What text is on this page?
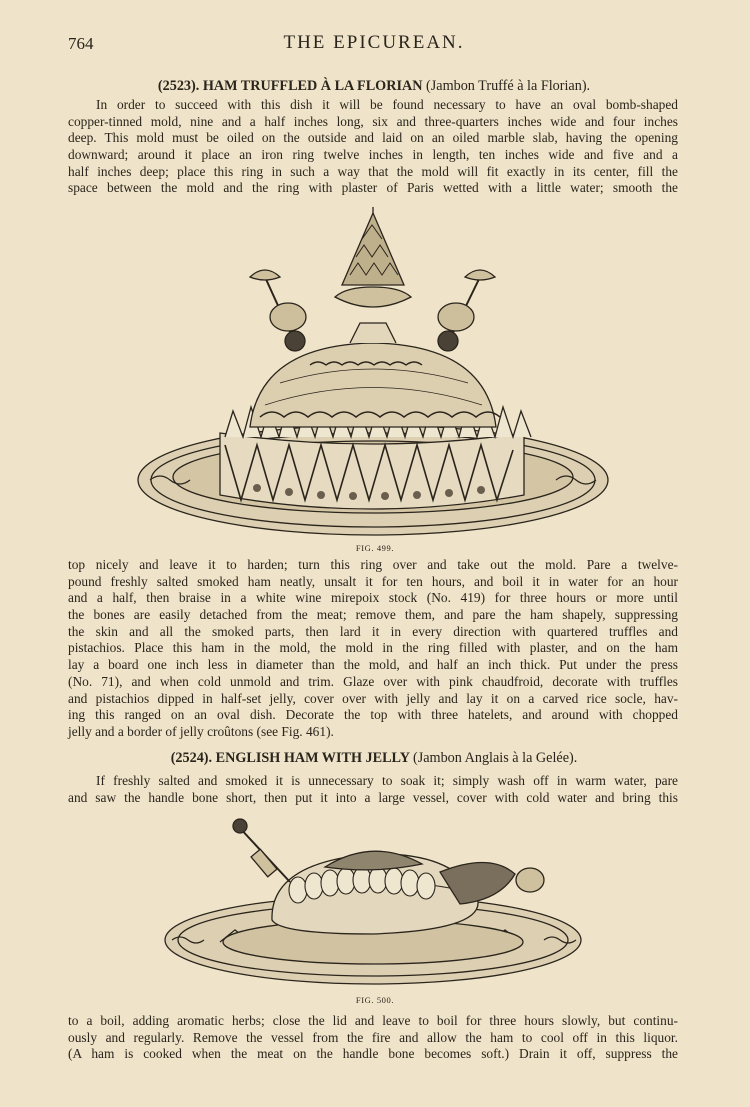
764	THE EPICUREAN.
(2523). HAM TRUFFLED À LA FLORIAN (Jambon Truffé à la Florian).
In order to succeed with this dish it will be found necessary to have an oval bomb-shaped
copper-tinned mold, nine and a half inches long, six and three-quarters inches wide and four inches
deep. This mold must be oiled on the outside and laid on an oiled marble slab, having the opening
downward; around it place an iron ring twelve inches in length, ten inches wide and five and a
half inches deep; place this ring in such a way that the mold will fit exactly in its center, fill the
space between the mold and the ring with plaster of Paris wetted with a little water; smooth the
FIG. 499.
top nicely and leave it to harden; turn this ring over and take out the mold. Pare a twelve-
pound freshly salted smoked ham neatly, unsalt it for ten hours, and boil it in water for an hour
and a half, then braise in a white wine mirepoix stock (No. 419) for three hours or more until
the bones are easily detached from the meat; remove them, and pare the ham shapely, suppressing
the skin and all the smoked parts, then lard it in every direction with quartered truffles and
pistachios. Place this ham in the mold, the mold in the ring filled with plaster, and on the ham
lay a board one inch less in diameter than the mold, and half an inch thick. Put under the press
(No. 71), and when cold unmold and trim. Glaze over with pink chaudfroid, decorate with truffles
and pistachios dipped in half-set jelly, cover over with jelly and lay it on a carved rice socle, hav-
ing this ranged on an oval dish. Decorate the top with three hatelets, and around with chopped
jelly and a border of jelly croûtons (see Fig. 461).
(2524). ENGLISH HAM WITH JELLY (Jambon Anglais à la Gelée).
If freshly salted and smoked it is unnecessary to soak it; simply wash off in warm water, pare
and saw the handle bone short, then put it into a large vessel, cover with cold water and bring this
FIG. 500.
to a boil, adding aromatic herbs; close the lid and leave to boil for three hours slowly, but continu-
ously and regularly. Remove the vessel from the fire and allow the ham to cool off in this liquor.
(A ham is cooked when the meat on the handle bone becomes soft.) Drain it off, suppress the
